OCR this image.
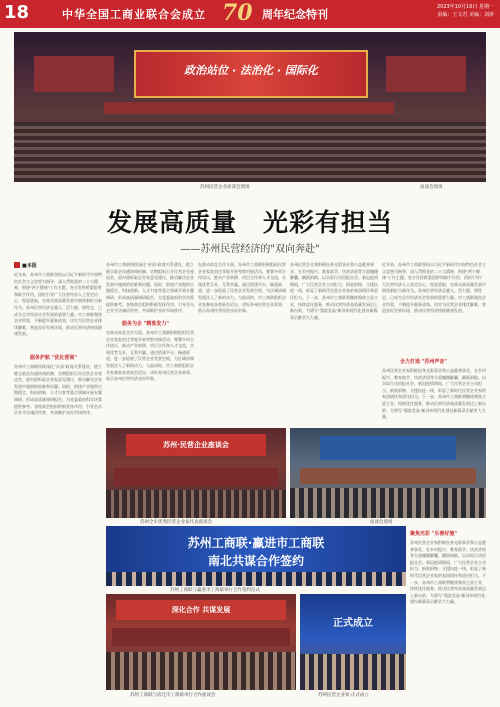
18	中华全国工商业联合会成立 70 周年纪念特刊
2023年10月16日 星期一
责编：王文君 美编：刘涛
政治站位 · 法治化 · 国际化
苏州民营企业座谈会现场	座谈会现场
发展高质量　光彩有担当
——苏州民营经济的"双向奔赴"
■本报
近年来，苏州市工商联坚持以习近平新时代中国特色社会主义思想为指导，深入贯彻党的二十大精神，围绕"两个健康"工作主题，充分发挥桥梁纽带和助手作用，团结引导广大民营经济人士坚定信心、锐意进取，在推动高质量发展中展现新担当新作为。苏州民营经济总量大、活力强、韧性足，已成为全市经济社会发展的重要力量。市工商联聚焦企业所需，不断提升服务质效，切实为民营企业排忧解难，营造良好发展环境，推动民营经济持续健康发展。
服务护航 "优化营商"
苏州市工商联持续深化"亲清"政商关系建设，建立健全政企沟通协商机制，定期组织召开民营企业座谈会，面对面听取企业家意见建议，推动解决企业发展中遇到的困难和问题。同时，围绕产业链供应链稳定、科技创新、人才引育等重点领域开展专题调研，形成高质量调研报告，为党委政府科学决策提供参考。各级商会组织积极发挥作用，引导会员企业守法诚信经营，共同维护良好市场秩序。
苏州市工商联持续深化"亲清"政商关系建设，建立健全政企沟通协商机制，定期组织召开民营企业座谈会，面对面听取企业家意见建议，推动解决企业发展中遇到的困难和问题。同时，围绕产业链供应链稳定、科技创新、人才引育等重点领域开展专题调研，形成高质量调研报告，为党委政府科学决策提供参考。各级商会组织积极发挥作用，引导会员企业守法诚信经营，共同维护良好市场秩序。
服务为企 "精准发力"
在推动南北合作方面，苏州市工商联积极组织民营企业家赴宿迁等地开展考察对接活动，签署多项合作协议，推动产业转移、项目合作和人才交流，实现优势互补、互利共赢。通过搭建平台、畅通渠道，进一步拓展了民营企业发展空间，为区域协调发展注入了新的动力。与此同时，市工商联组织企业家参加各类展会论坛，讲好苏州民营企业故事，展示苏州民营经济良好形象。
在推动南北合作方面，苏州市工商联积极组织民营企业家赴宿迁等地开展考察对接活动，签署多项合作协议，推动产业转移、项目合作和人才交流，实现优势互补、互利共赢。通过搭建平台、畅通渠道，进一步拓展了民营企业发展空间，为区域协调发展注入了新的动力。与此同时，市工商联组织企业家参加各类展会论坛，讲好苏州民营企业故事，展示苏州民营经济良好形象。
苏州民营企业家积极投身光彩事业和公益慈善事业，在乡村振兴、教育助学、扶贫济困等方面慷慨解囊、踊跃捐助，以实际行动回报社会。新冠疫情期间，广大民营企业主动担当，捐款捐物，支援抗疫一线，彰显了新时代民营企业家的家国情怀和责任担当。下一步，苏州市工商联将继续聚焦主责主业，持续优化服务，推动民营经济高质量发展迈上新台阶，为谱写"强富美高"新苏州现代化建设新篇章贡献更大力量。
近年来，苏州市工商联坚持以习近平新时代中国特色社会主义思想为指导，深入贯彻党的二十大精神，围绕"两个健康"工作主题，充分发挥桥梁纽带和助手作用，团结引导广大民营经济人士坚定信心、锐意进取，在推动高质量发展中展现新担当新作为。苏州民营经济总量大、活力强、韧性足，已成为全市经济社会发展的重要力量。市工商联聚焦企业所需，不断提升服务质效，切实为民营企业排忧解难，营造良好发展环境，推动民营经济持续健康发展。
全力打造 "苏州声音"
苏州民营企业家积极投身光彩事业和公益慈善事业，在乡村振兴、教育助学、扶贫济困等方面慷慨解囊、踊跃捐助，以实际行动回报社会。新冠疫情期间，广大民营企业主动担当，捐款捐物，支援抗疫一线，彰显了新时代民营企业家的家国情怀和责任担当。下一步，苏州市工商联将继续聚焦主责主业，持续优化服务，推动民营经济高质量发展迈上新台阶，为谱写"强富美高"新苏州现代化建设新篇章贡献更大力量。
苏州·民营企业座谈会
苏州全市优秀民营企业家代表座谈会	座谈会现场
苏州工商联·赢进市工商联
南北共谋合作签约
苏州工商联与赢进市工商联举行合作签约仪式
聚焦光彩 "乐善好施"
苏州民营企业家积极投身光彩事业和公益慈善事业，在乡村振兴、教育助学、扶贫济困等方面慷慨解囊、踊跃捐助，以实际行动回报社会。新冠疫情期间，广大民营企业主动担当，捐款捐物，支援抗疫一线，彰显了新时代民营企业家的家国情怀和责任担当。下一步，苏州市工商联将继续聚焦主责主业，持续优化服务，推动民营经济高质量发展迈上新台阶，为谱写"强富美高"新苏州现代化建设新篇章贡献更大力量。
深化合作 共谋发展
苏州工商联与宿迁市工商联举行合作座谈会
正式成立
苏州民营企业家·正式成立
